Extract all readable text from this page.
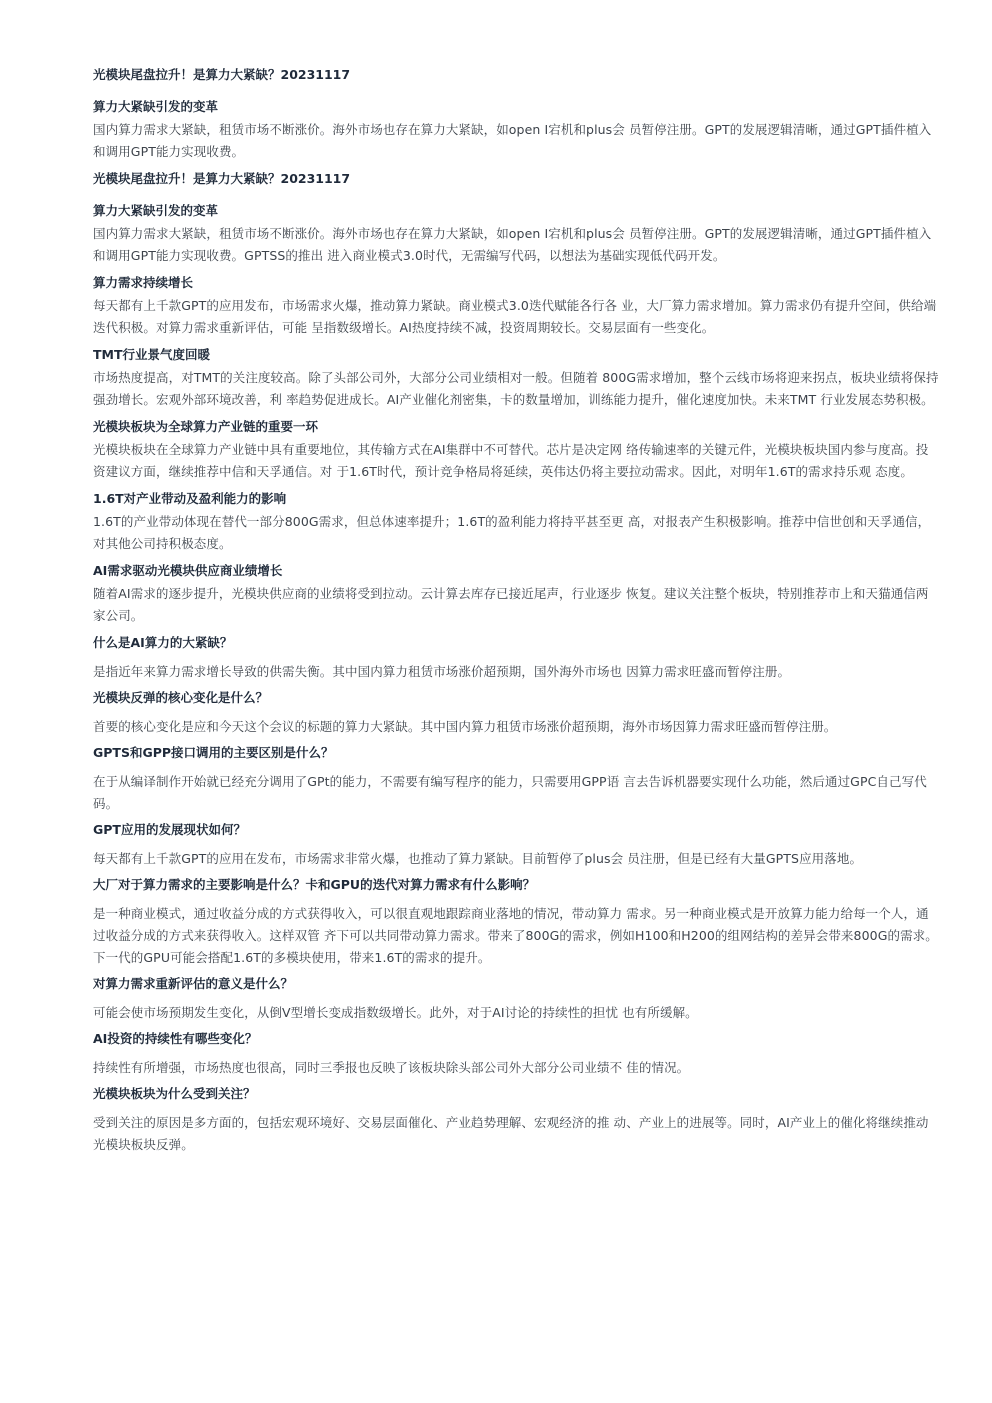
光模块尾盘拉升！是算力大紧缺？20231117

算力大紧缺引发的变革

国内算力需求大紧缺，租赁市场不断涨价。海外市场也存在算力大紧缺，如open I宕机和plus会 员暂停注册。GPT的发展逻辑清晰，通过GPT插件植入和调用GPT能力实现收费。

光模块尾盘拉升！是算力大紧缺？20231117

算力大紧缺引发的变革

国内算力需求大紧缺，租赁市场不断涨价。海外市场也存在算力大紧缺，如open I宕机和plus会 员暂停注册。GPT的发展逻辑清晰，通过GPT插件植入和调用GPT能力实现收费。GPTSS的推出 进入商业模式3.0时代，无需编写代码，以想法为基础实现低代码开发。

算力需求持续增长

每天都有上千款GPT的应用发布，市场需求火爆，推动算力紧缺。商业模式3.0迭代赋能各行各 业，大厂算力需求增加。算力需求仍有提升空间，供给端迭代积极。对算力需求重新评估，可能 呈指数级增长。AI热度持续不减，投资周期较长。交易层面有一些变化。

TMT行业景气度回暖

市场热度提高，对TMT的关注度较高。除了头部公司外，大部分公司业绩相对一般。但随着 800G需求增加，整个云线市场将迎来拐点，板块业绩将保持强劲增长。宏观外部环境改善，利 率趋势促进成长。AI产业催化剂密集，卡的数量增加，训练能力提升，催化速度加快。未来TMT 行业发展态势积极。

光模块板块为全球算力产业链的重要一环

光模块板块在全球算力产业链中具有重要地位，其传输方式在AI集群中不可替代。芯片是决定网 络传输速率的关键元件，光模块板块国内参与度高。投资建议方面，继续推荐中信和天孚通信。对 于1.6T时代，预计竞争格局将延续，英伟达仍将主要拉动需求。因此，对明年1.6T的需求持乐观 态度。

1.6T对产业带动及盈利能力的影响

1.6T的产业带动体现在替代一部分800G需求，但总体速率提升；1.6T的盈利能力将持平甚至更 高，对报表产生积极影响。推荐中信世创和天孚通信，对其他公司持积极态度。

AI需求驱动光模块供应商业绩增长

随着AI需求的逐步提升，光模块供应商的业绩将受到拉动。云计算去库存已接近尾声，行业逐步 恢复。建议关注整个板块，特别推荐市上和天猫通信两家公司。

什么是AI算力的大紧缺？

是指近年来算力需求增长导致的供需失衡。其中国内算力租赁市场涨价超预期，国外海外市场也 因算力需求旺盛而暂停注册。

光模块反弹的核心变化是什么？

首要的核心变化是应和今天这个会议的标题的算力大紧缺。其中国内算力租赁市场涨价超预期，海外市场因算力需求旺盛而暂停注册。

GPTS和GPP接口调用的主要区别是什么？

在于从编译制作开始就已经充分调用了GPt的能力，不需要有编写程序的能力，只需要用GPP语 言去告诉机器要实现什么功能，然后通过GPC自己写代码。

GPT应用的发展现状如何？

每天都有上千款GPT的应用在发布，市场需求非常火爆，也推动了算力紧缺。目前暂停了plus会 员注册，但是已经有大量GPTS应用落地。

大厂对于算力需求的主要影响是什么？卡和GPU的迭代对算力需求有什么影响？

是一种商业模式，通过收益分成的方式获得收入，可以很直观地跟踪商业落地的情况，带动算力 需求。另一种商业模式是开放算力能力给每一个人，通过收益分成的方式来获得收入。这样双管 齐下可以共同带动算力需求。带来了800G的需求，例如H100和H200的组网结构的差异会带来800G的需求。下一代的GPU可能会搭配1.6T的多模块使用，带来1.6T的需求的提升。

对算力需求重新评估的意义是什么？

可能会使市场预期发生变化，从倒V型增长变成指数级增长。此外，对于AI讨论的持续性的担忧 也有所缓解。

AI投资的持续性有哪些变化？

持续性有所增强，市场热度也很高，同时三季报也反映了该板块除头部公司外大部分公司业绩不 佳的情况。

光模块板块为什么受到关注？

受到关注的原因是多方面的，包括宏观环境好、交易层面催化、产业趋势理解、宏观经济的推 动、产业上的进展等。同时，AI产业上的催化将继续推动光模块板块反弹。
